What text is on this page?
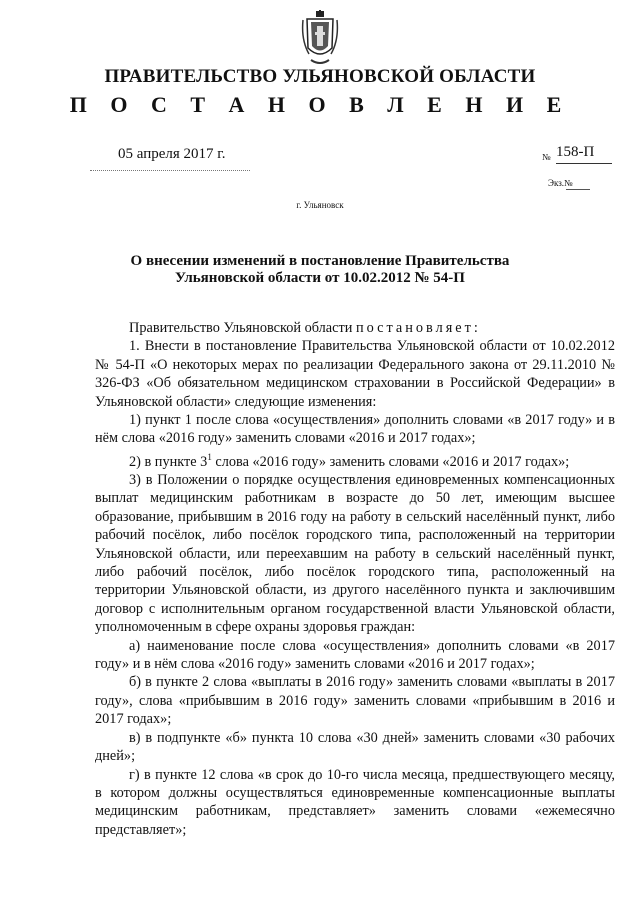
ПРАВИТЕЛЬСТВО УЛЬЯНОВСКОЙ ОБЛАСТИ
П О С Т А Н О В Л Е Н И Е
05 апреля 2017 г.	№ 158-П
Экз.№
г. Ульяновск
О внесении изменений в постановление Правительства
Ульяновской области от 10.02.2012 № 54-П

Правительство Ульяновской области постановляет:

1. Внести в постановление Правительства Ульяновской области от 10.02.2012 № 54-П «О некоторых мерах по реализации Федерального закона от 29.11.2010 № 326-ФЗ «Об обязательном медицинском страховании в Российской Федерации» в Ульяновской области» следующие изменения:

1) пункт 1 после слова «осуществления» дополнить словами «в 2017 году» и в нём слова «2016 году» заменить словами «2016 и 2017 годах»;

2) в пункте $3^1$ слова «2016 году» заменить словами «2016 и 2017 годах»;

3) в Положении о порядке осуществления единовременных компенсационных выплат медицинским работникам в возрасте до 50 лет, имеющим высшее образование, прибывшим в 2016 году на работу в сельский населённый пункт, либо рабочий посёлок, либо посёлок городского типа, расположенный на территории Ульяновской области, или переехавшим на работу в сельский населённый пункт, либо рабочий посёлок, либо посёлок городского типа, расположенный на территории Ульяновской области, из другого населённого пункта и заключившим договор с исполнительным органом государственной власти Ульяновской области, уполномоченным в сфере охраны здоровья граждан:

а) наименование после слова «осуществления» дополнить словами «в 2017 году» и в нём слова «2016 году» заменить словами «2016 и 2017 годах»;

б) в пункте 2 слова «выплаты в 2016 году» заменить словами «выплаты в 2017 году», слова «прибывшим в 2016 году» заменить словами «прибывшим в 2016 и 2017 годах»;

в) в подпункте «б» пункта 10 слова «30 дней» заменить словами «30 рабочих дней»;

г) в пункте 12 слова «в срок до 10-го числа месяца, предшествующего месяцу, в котором должны осуществляться единовременные компенсационные выплаты медицинским работникам, представляет» заменить словами «ежемесячно представляет»;
